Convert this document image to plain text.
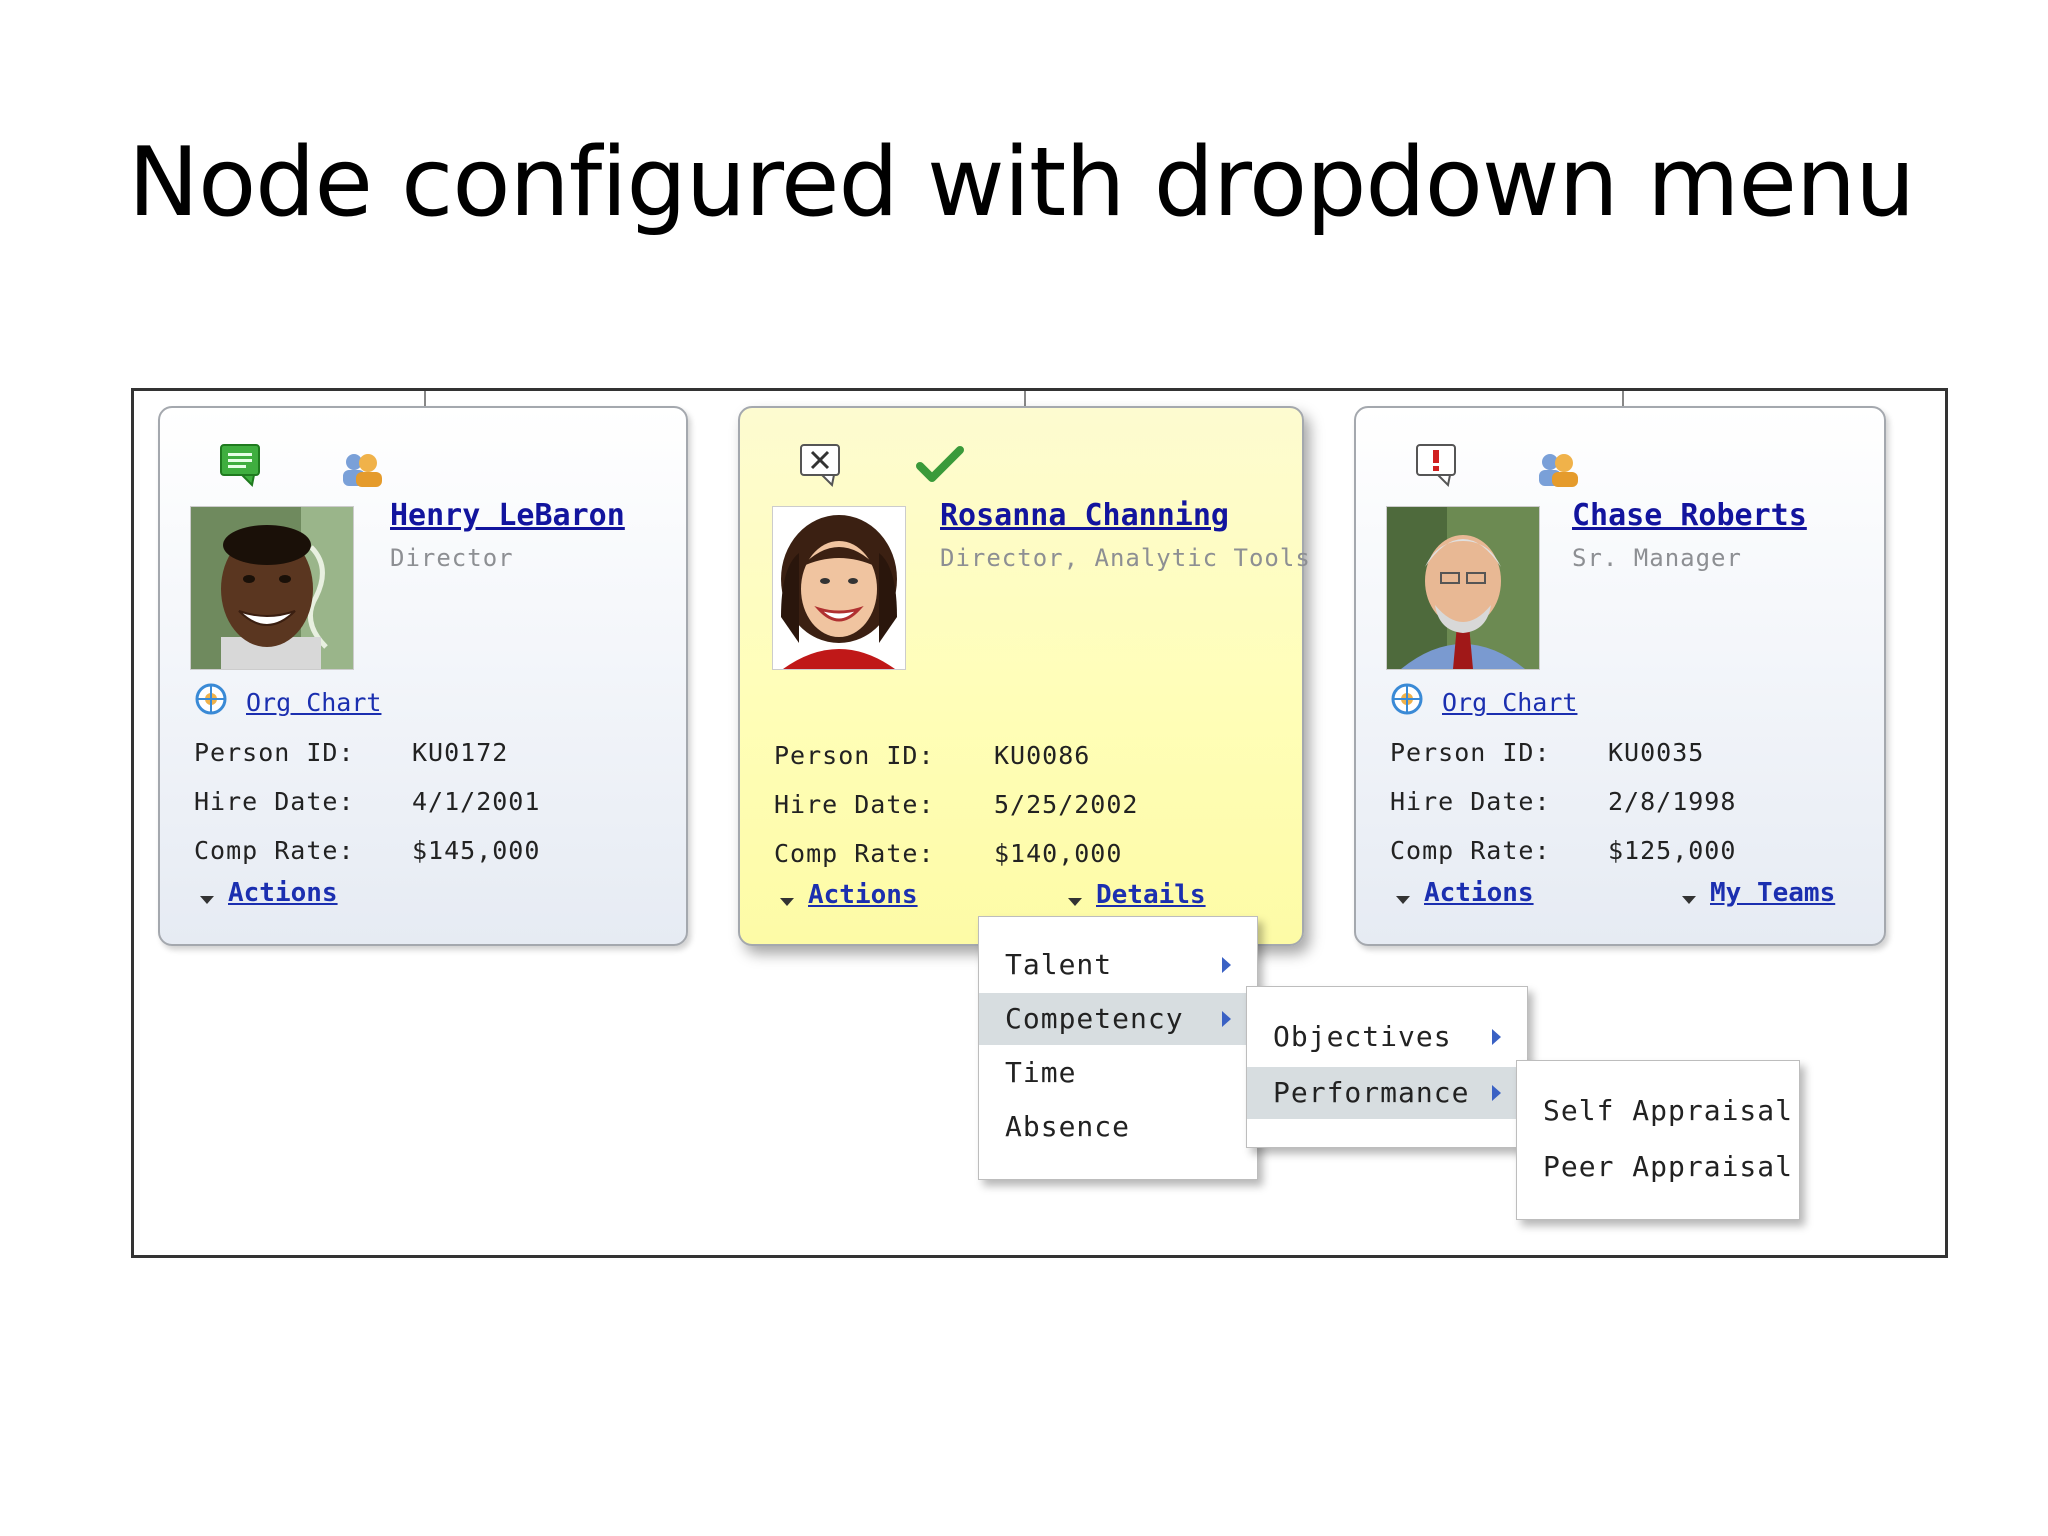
Node configured with dropdown menu
Henry LeBaron
Director
Org Chart
Person ID: KU0172
Hire Date: 4/1/2001
Comp Rate: $145,000
Actions
Rosanna Channing
Director, Analytic Tools
Person ID: KU0086
Hire Date: 5/25/2002
Comp Rate: $140,000
Actions	Details
Chase Roberts
Sr. Manager
Org Chart
Person ID: KU0035
Hire Date: 2/8/1998
Comp Rate: $125,000
Actions	My Teams
Talent
Competency
Time
Absence
Objectives
Performance
Self Appraisal
Peer Appraisal
